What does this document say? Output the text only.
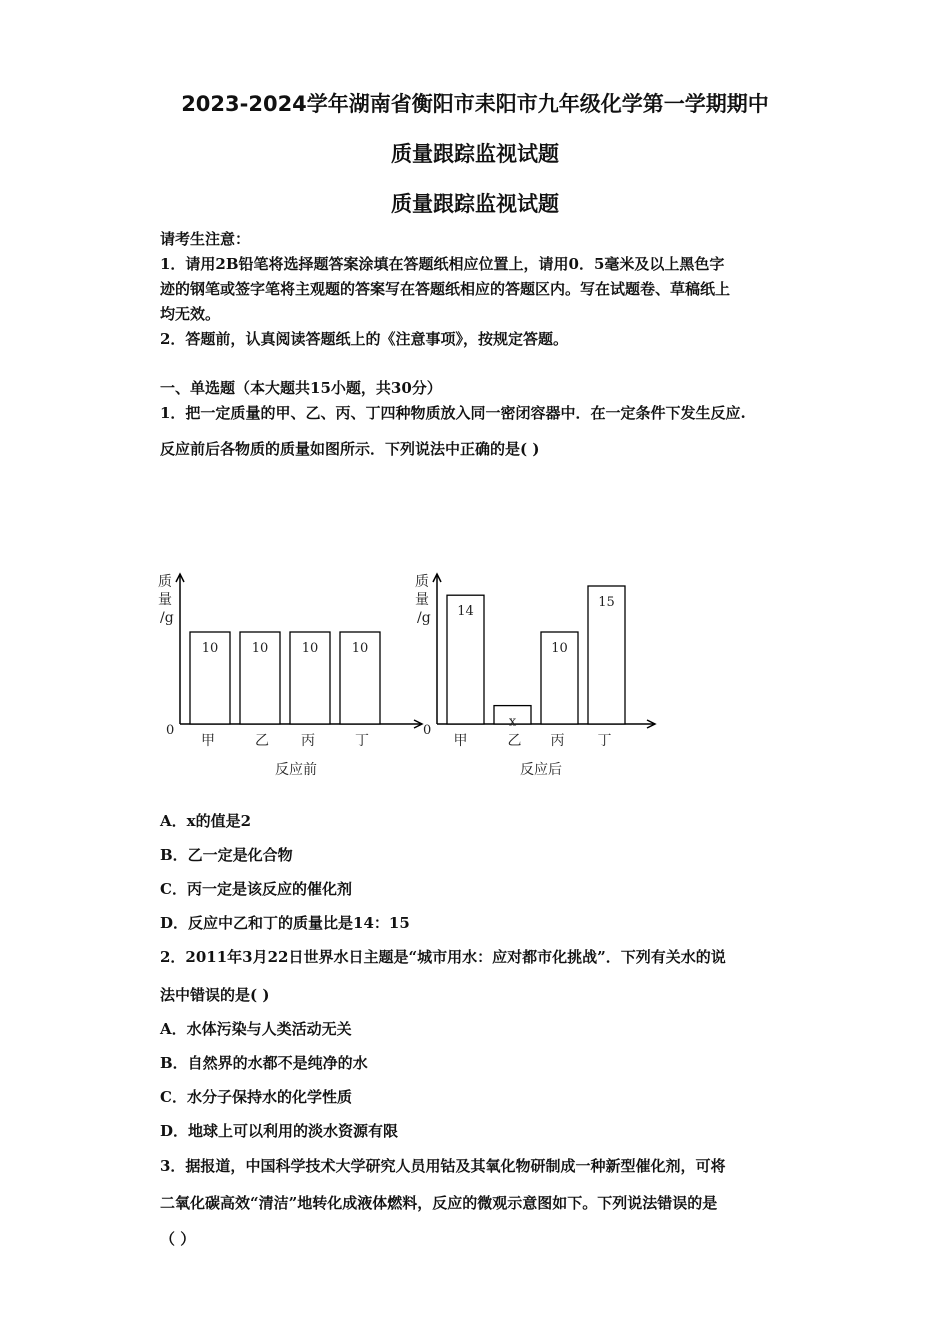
2023-2024学年湖南省衡阳市耒阳市九年级化学第一学期期中
质量跟踪监视试题
质量跟踪监视试题
请考生注意：
1．请用2B铅笔将选择题答案涂填在答题纸相应位置上，请用0．5毫米及以上黑色字
迹的钢笔或签字笔将主观题的答案写在答题纸相应的答题区内。写在试题卷、草稿纸上
均无效。
2．答题前，认真阅读答题纸上的《注意事项》，按规定答题。
一、单选题（本大题共15小题，共30分）
1．把一定质量的甲、乙、丙、丁四种物质放入同一密闭容器中．在一定条件下发生反应.
反应前后各物质的质量如图所示．下列说法中正确的是( )
质
量
/g
0
10
甲
10
乙
10
丙
10
丁
反应前
质
量
/g
0
14
甲
x
乙
10
丙
15
丁
反应后
A．x的值是2
B．乙一定是化合物
C．丙一定是该反应的催化剂
D．反应中乙和丁的质量比是14：15
2．2011年3月22日世界水日主题是“城市用水：应对都市化挑战”．下列有关水的说
法中错误的是( )
A．水体污染与人类活动无关
B．自然界的水都不是纯净的水
C．水分子保持水的化学性质
D．地球上可以利用的淡水资源有限
3．据报道，中国科学技术大学研究人员用钴及其氧化物研制成一种新型催化剂，可将
二氧化碳高效“清洁”地转化成液体燃料，反应的微观示意图如下。下列说法错误的是
（ ）
